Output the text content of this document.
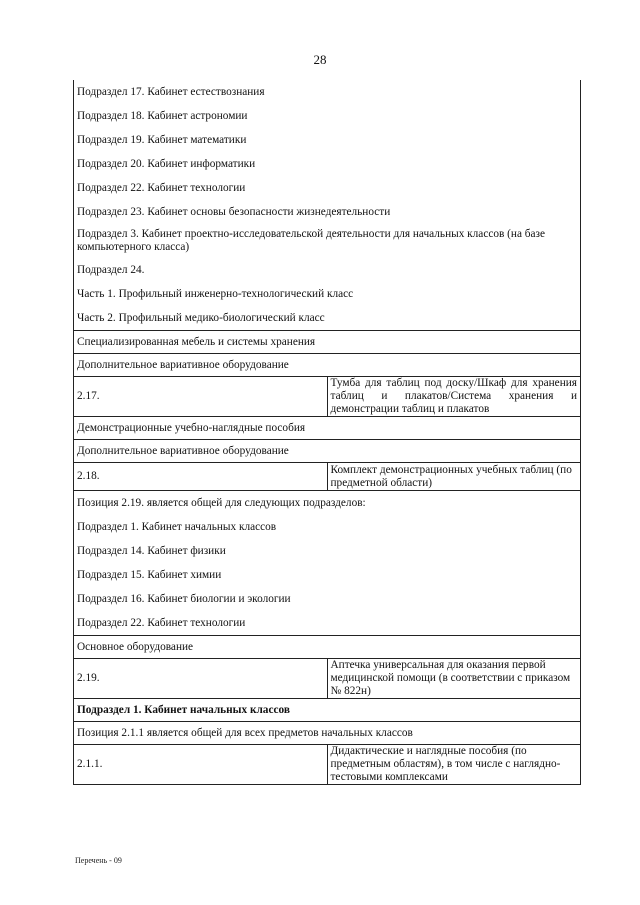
28
Подраздел 17. Кабинет естествознания	
Подраздел 18. Кабинет астрономии	
Подраздел 19. Кабинет математики	
Подраздел 20. Кабинет информатики	
Подраздел 22. Кабинет технологии	
Подраздел 23. Кабинет основы безопасности жизнедеятельности	
Подраздел 3. Кабинет проектно-исследовательской деятельности для начальных классов (на базе компьютерного класса)	
Подраздел 24.	
Часть 1. Профильный инженерно-технологический класс	
Часть 2. Профильный медико-биологический класс	
Специализированная мебель и системы хранения	
Дополнительное вариативное оборудование	
2.17.	Тумба для таблиц под доску/Шкаф для хранения таблиц и плакатов/Система хранения и демонстрации таблиц и плакатов
Демонстрационные учебно-наглядные пособия	
Дополнительное вариативное оборудование	
2.18.	Комплект демонстрационных учебных таблиц (по предметной области)
Позиция 2.19. является общей для следующих подразделов:	
Подраздел 1. Кабинет начальных классов	
Подраздел 14. Кабинет физики	
Подраздел 15. Кабинет химии	
Подраздел 16. Кабинет биологии и экологии	
Подраздел 22. Кабинет технологии	
Основное оборудование	
2.19.	Аптечка универсальная для оказания первой медицинской помощи (в соответствии с приказом № 822н)
Подраздел 1. Кабинет начальных классов	
Позиция 2.1.1 является общей для всех предметов начальных классов	
2.1.1.	Дидактические и наглядные пособия (по предметным областям), в том числе с наглядно-тестовыми комплексами
Перечень - 09
